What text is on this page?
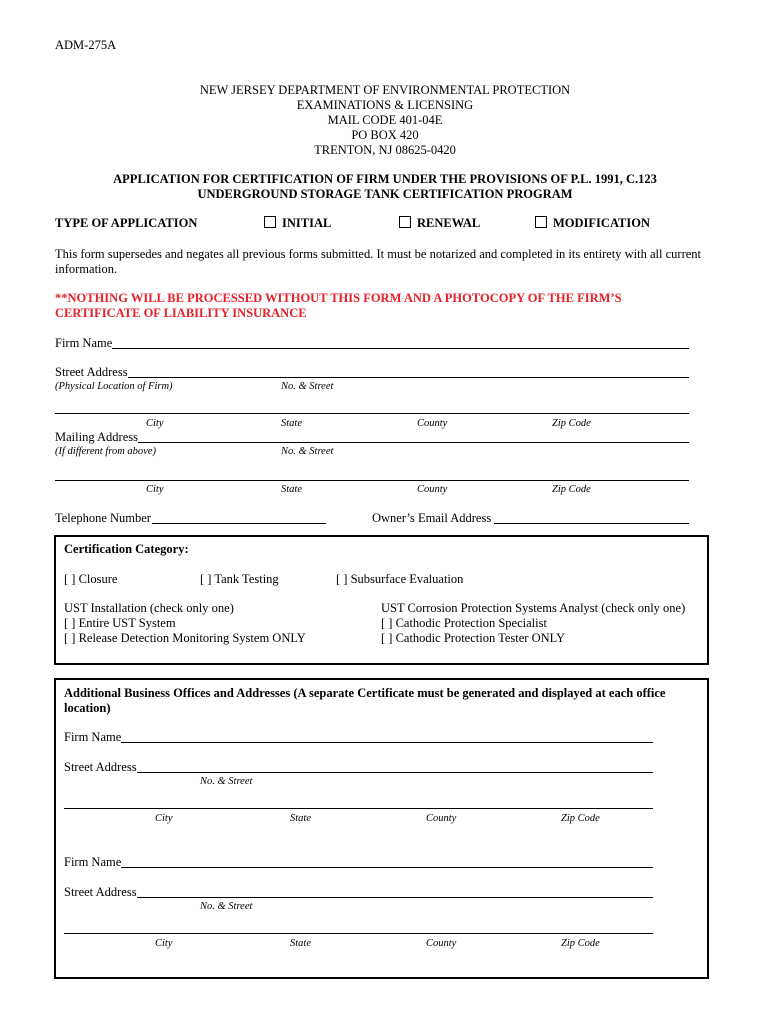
ADM-275A
NEW JERSEY DEPARTMENT OF ENVIRONMENTAL PROTECTION
EXAMINATIONS & LICENSING
MAIL CODE 401-04E
PO BOX 420
TRENTON, NJ 08625-0420
APPLICATION FOR CERTIFICATION OF FIRM UNDER THE PROVISIONS OF P.L. 1991, C.123
UNDERGROUND STORAGE TANK CERTIFICATION PROGRAM
TYPE OF APPLICATION	INITIAL	RENEWAL	MODIFICATION
This form supersedes and negates all previous forms submitted. It must be notarized and completed in its entirety with all current
information.
**NOTHING WILL BE PROCESSED WITHOUT THIS FORM AND A PHOTOCOPY OF THE FIRM’S
CERTIFICATE OF LIABILITY INSURANCE
Firm Name
Street Address
(Physical Location of Firm)	No. & Street
City	State	County	Zip Code
Mailing Address
(If different from above)	No. & Street
City	State	County	Zip Code
Telephone Number	Owner’s Email Address
Certification Category:
[ ] Closure	[ ] Tank Testing	[ ] Subsurface Evaluation
UST Installation (check only one)
[ ] Entire UST System
[ ] Release Detection Monitoring System ONLY
UST Corrosion Protection Systems Analyst (check only one)
[ ] Cathodic Protection Specialist
[ ] Cathodic Protection Tester ONLY
Additional Business Offices and Addresses (A separate Certificate must be generated and displayed at each office
location)
Firm Name
Street Address
No. & Street
City	State	County	Zip Code
Firm Name
Street Address
No. & Street
City	State	County	Zip Code
